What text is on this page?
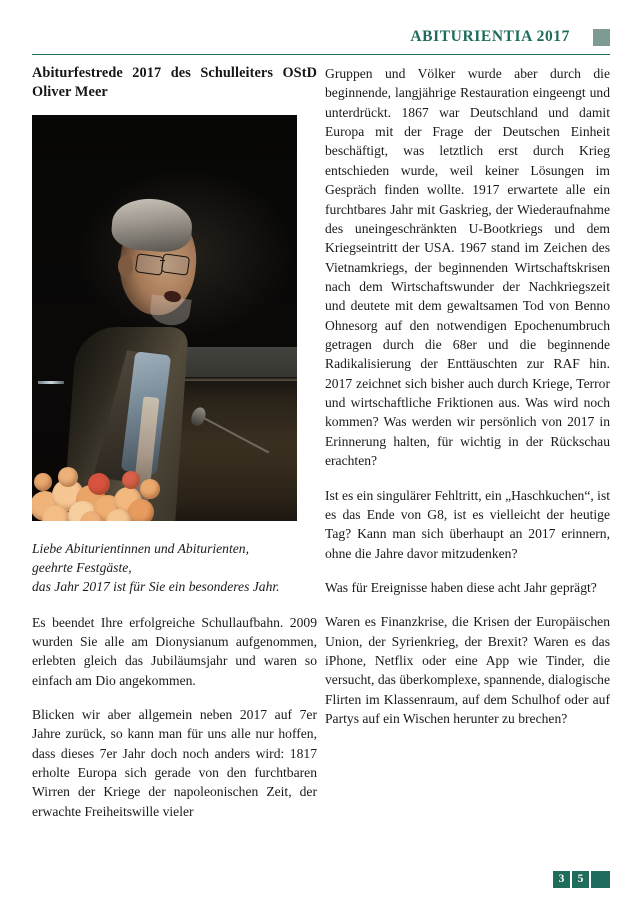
ABITURIENTIA 2017
Abiturfestrede 2017 des Schulleiters OStD Oliver Meer
Liebe Abiturientinnen und Abiturienten,
geehrte Festgäste,
das Jahr 2017 ist für Sie ein besonderes Jahr.

Es beendet Ihre erfolgreiche Schullaufbahn. 2009 wurden Sie alle am Dionysianum aufgenommen, erlebten gleich das Jubiläumsjahr und waren so einfach am Dio angekommen.

Blicken wir aber allgemein neben 2017 auf 7er Jahre zurück, so kann man für uns alle nur hoffen, dass dieses 7er Jahr doch noch anders wird: 1817 erholte Europa sich gerade von den furchtbaren Wirren der Kriege der napoleonischen Zeit, der erwachte Freiheitswille vieler

Gruppen und Völker wurde aber durch die beginnende, langjährige Restauration eingeengt und unterdrückt. 1867 war Deutschland und damit Europa mit der Frage der Deutschen Einheit beschäftigt, was letztlich erst durch Krieg entschieden wurde, weil keiner Lösungen im Gespräch finden wollte. 1917 erwartete alle ein furchtbares Jahr mit Gaskrieg, der Wiederaufnahme des uneingeschränkten U-Bootkriegs und dem Kriegseintritt der USA. 1967 stand im Zeichen des Vietnamkriegs, der beginnenden Wirtschaftskrisen nach dem Wirtschaftswunder der Nachkriegszeit und deutete mit dem gewaltsamen Tod von Benno Ohnesorg auf den notwendigen Epochenumbruch getragen durch die 68er und die beginnende Radikalisierung der Enttäuschten zur RAF hin. 2017 zeichnet sich bisher auch durch Kriege, Terror und wirtschaftliche Friktionen aus. Was wird noch kommen? Was werden wir persönlich von 2017 in Erinnerung halten, für wichtig in der Rückschau erachten?

Ist es ein singulärer Fehltritt, ein „Haschkuchen“, ist es das Ende von G8, ist es vielleicht der heutige Tag? Kann man sich überhaupt an 2017 erinnern, ohne die Jahre davor mitzudenken?

Was für Ereignisse haben diese acht Jahr geprägt?

Waren es Finanzkrise, die Krisen der Europäischen Union, der Syrienkrieg, der Brexit? Waren es das iPhone, Netflix oder eine App wie Tinder, die versucht, das überkomplexe, spannende, dialogische Flirten im Klassenraum, auf dem Schulhof oder auf Partys auf ein Wischen herunter zu brechen?

3	5
